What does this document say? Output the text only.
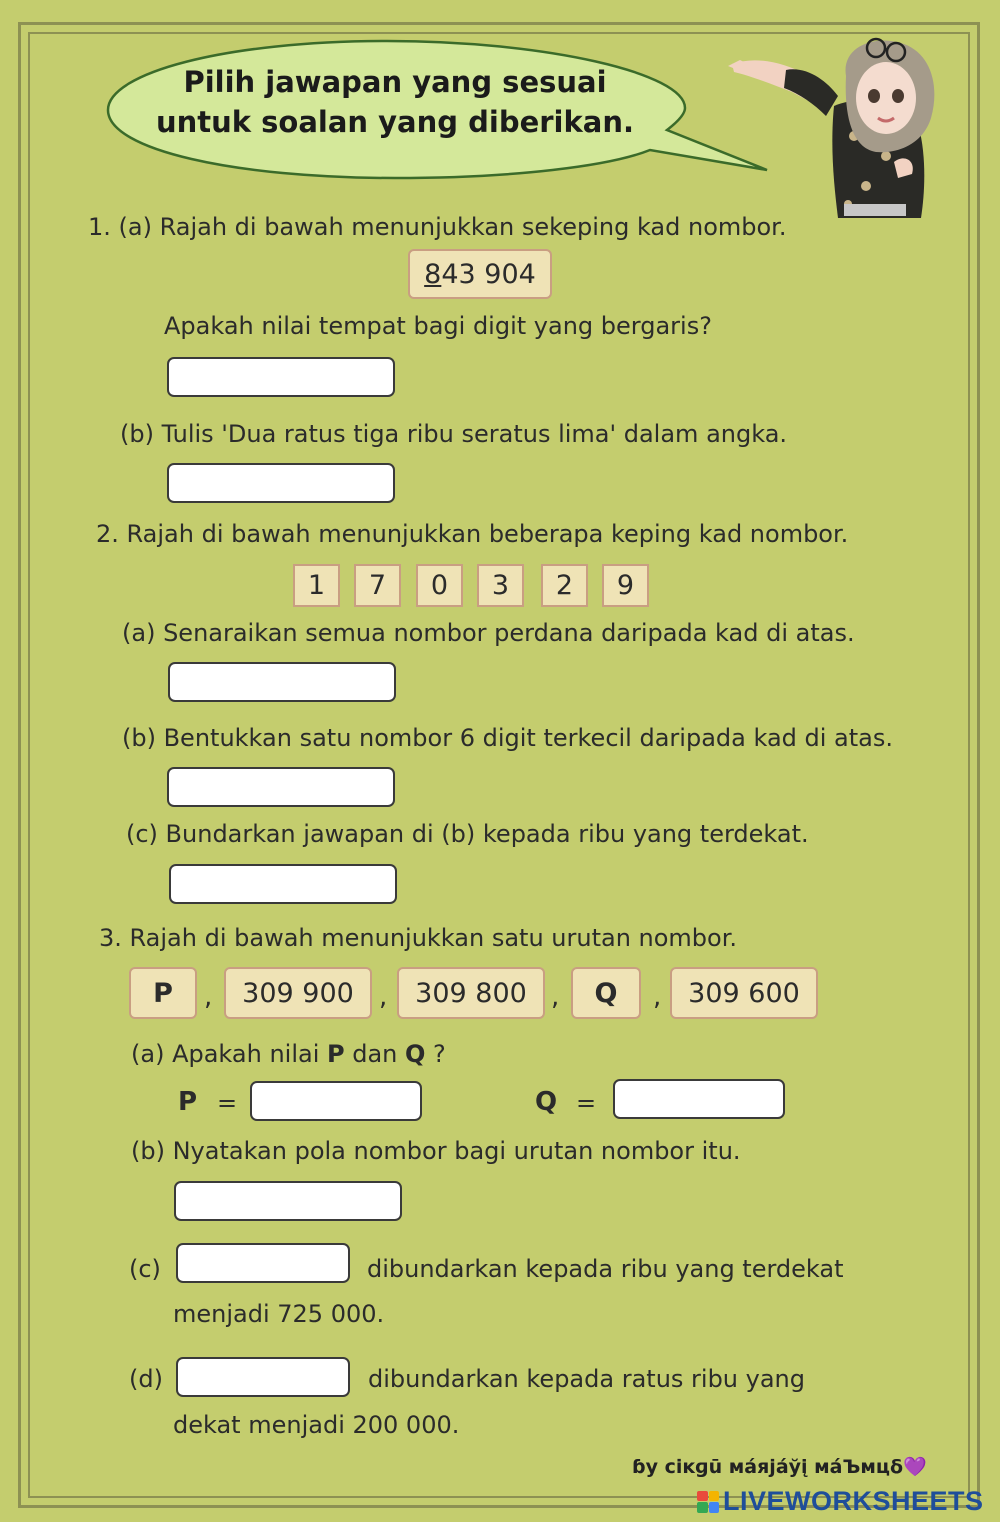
Pilih jawapan yang sesuai
untuk soalan yang diberikan.
1. (a) Rajah di bawah menunjukkan sekeping kad nombor.
8 43 904
Apakah nilai tempat bagi digit yang bergaris?
(b) Tulis 'Dua ratus tiga ribu seratus lima' dalam angka.
2. Rajah di bawah menunjukkan beberapa keping kad nombor.
1	7	0	3	2	9
(a) Senaraikan semua nombor perdana daripada kad di atas.
(b) Bentukkan satu nombor 6 digit terkecil daripada kad di atas.
(c) Bundarkan jawapan di (b) kepada ribu yang terdekat.
3. Rajah di bawah menunjukkan satu urutan nombor.
P	,	309 900 ,	309 800 ,	Q	, 309 600
(a) Apakah nilai P dan Q ?
P =	Q =
(b) Nyatakan pola nombor bagi urutan nombor itu.
(c)	dibundarkan kepada ribu yang terdekat
menjadi 725 000.
(d)	dibundarkan kepada ratus ribu yang
dekat menjadi 200 000.
ɓу сіĸɡū ма́яја́ўį ма́Ъмцδ💜
LIVEWORKSHEETS
